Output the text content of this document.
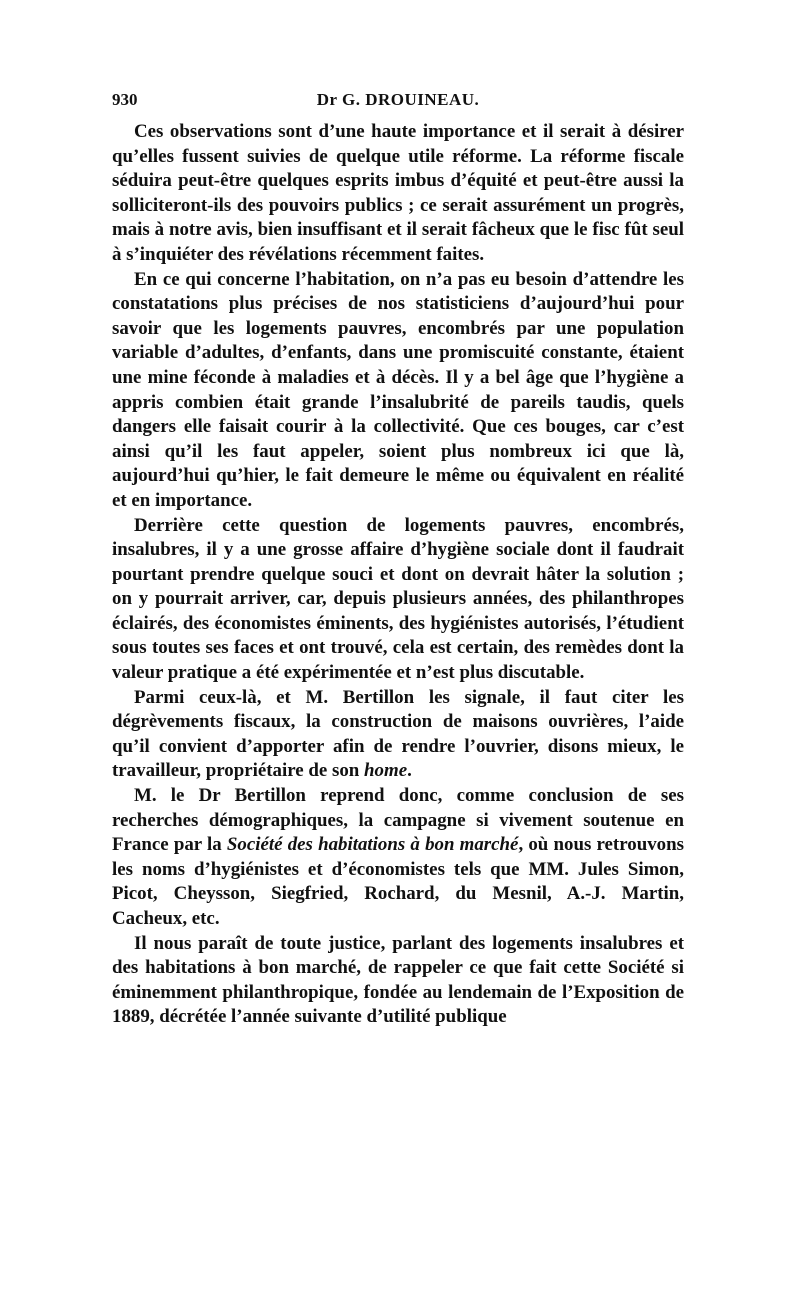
930	Dr G. DROUINEAU.

Ces observations sont d’une haute importance et il serait à désirer qu’elles fussent suivies de quelque utile réforme. La réforme fiscale séduira peut-être quelques esprits imbus d’équité et peut-être aussi la solliciteront-ils des pouvoirs publics ; ce serait assurément un progrès, mais à notre avis, bien insuffisant et il serait fâcheux que le fisc fût seul à s’inquiéter des révélations récemment faites.

En ce qui concerne l’habitation, on n’a pas eu besoin d’attendre les constatations plus précises de nos statisticiens d’aujourd’hui pour savoir que les logements pauvres, encombrés par une population variable d’adultes, d’enfants, dans une promiscuité constante, étaient une mine féconde à maladies et à décès. Il y a bel âge que l’hygiène a appris combien était grande l’insalubrité de pareils taudis, quels dangers elle faisait courir à la collectivité. Que ces bouges, car c’est ainsi qu’il les faut appeler, soient plus nombreux ici que là, aujourd’hui qu’hier, le fait demeure le même ou équivalent en réalité et en importance.

Derrière cette question de logements pauvres, encombrés, insalubres, il y a une grosse affaire d’hygiène sociale dont il faudrait pourtant prendre quelque souci et dont on devrait hâter la solution ; on y pourrait arriver, car, depuis plusieurs années, des philanthropes éclairés, des économistes éminents, des hygiénistes autorisés, l’étudient sous toutes ses faces et ont trouvé, cela est certain, des remèdes dont la valeur pratique a été expérimentée et n’est plus discutable.

Parmi ceux-là, et M. Bertillon les signale, il faut citer les dégrèvements fiscaux, la construction de maisons ouvrières, l’aide qu’il convient d’apporter afin de rendre l’ouvrier, disons mieux, le travailleur, propriétaire de son home.

M. le Dr Bertillon reprend donc, comme conclusion de ses recherches démographiques, la campagne si vivement soutenue en France par la Société des habitations à bon marché, où nous retrouvons les noms d’hygiénistes et d’économistes tels que MM. Jules Simon, Picot, Cheysson, Siegfried, Rochard, du Mesnil, A.-J. Martin, Cacheux, etc.

Il nous paraît de toute justice, parlant des logements insalubres et des habitations à bon marché, de rappeler ce que fait cette Société si éminemment philanthropique, fondée au lendemain de l’Exposition de 1889, décrétée l’année suivante d’utilité publique
